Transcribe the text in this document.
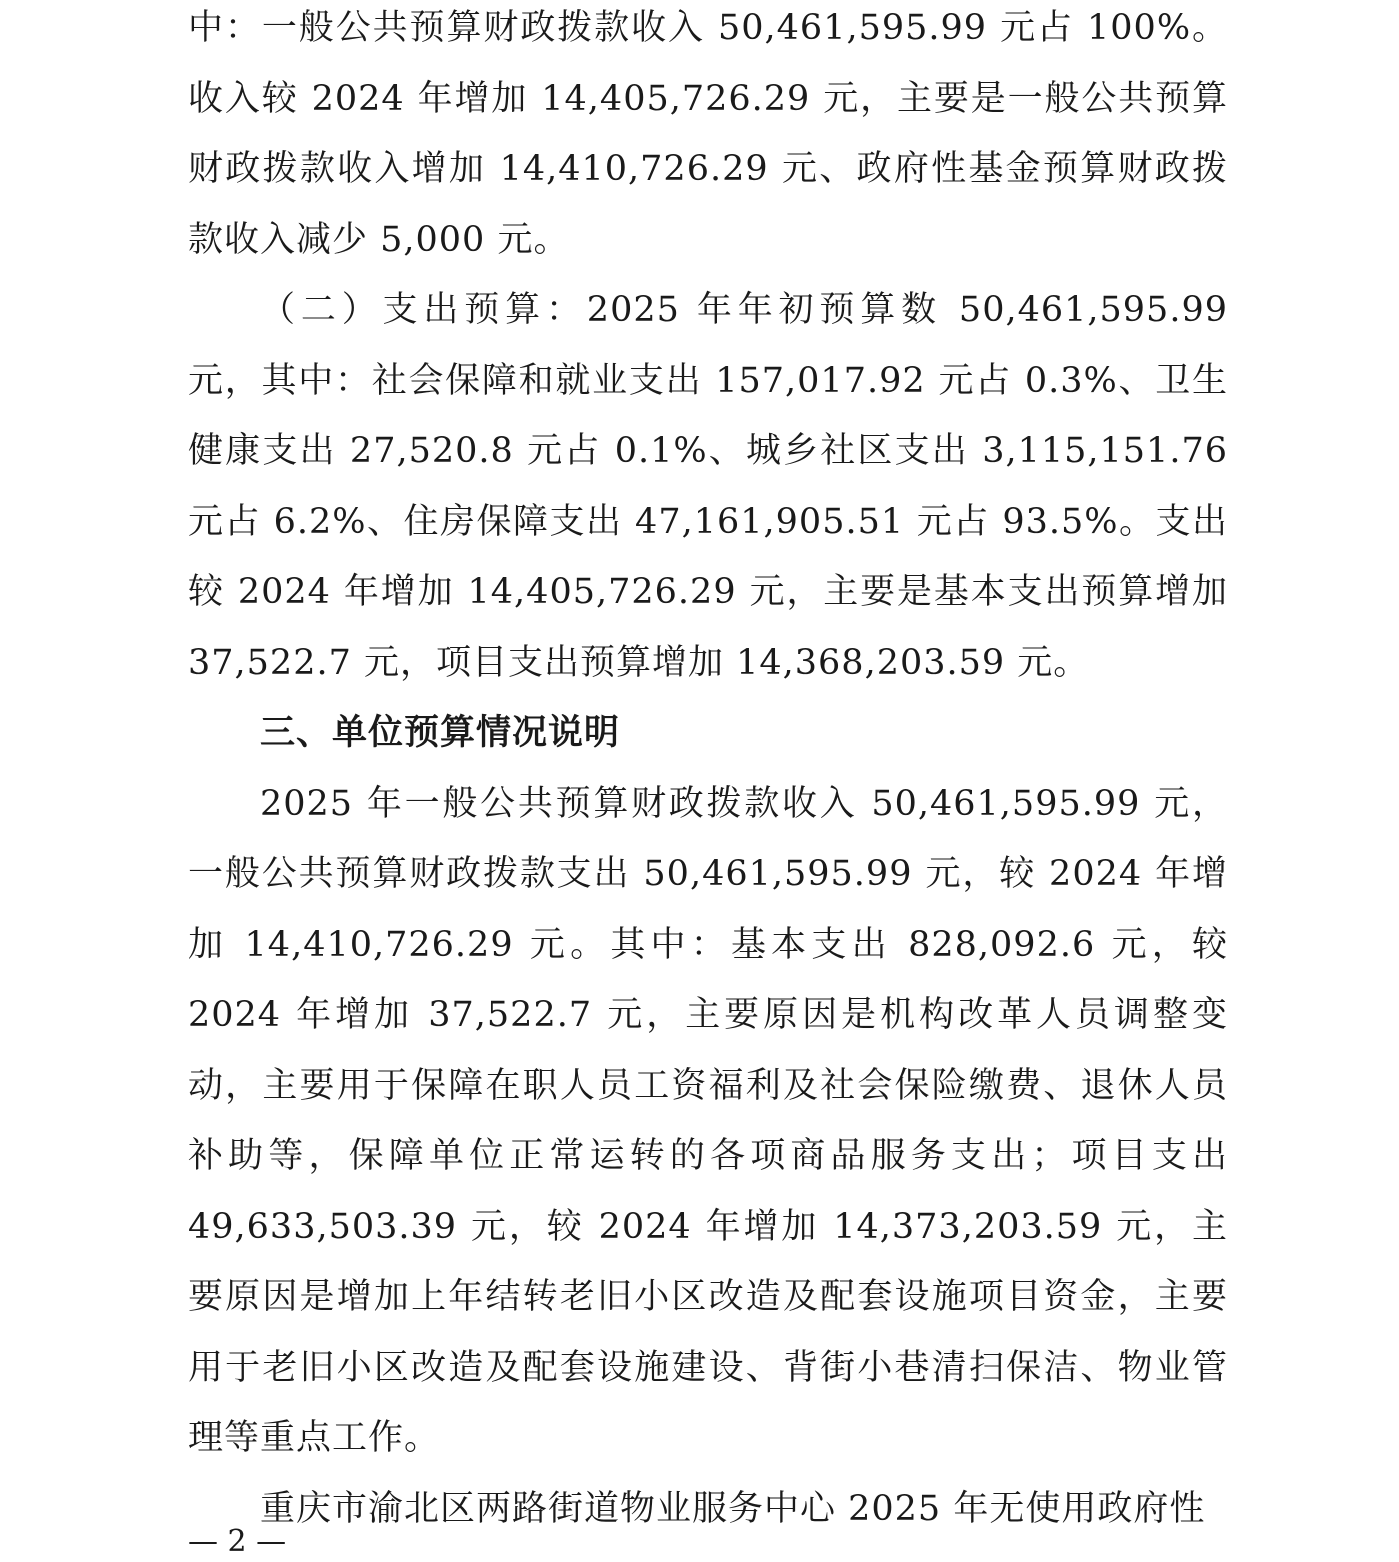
中：一般公共预算财政拨款收入 50,461,595.99 元占 100%。收入较 2024 年增加 14,405,726.29 元，主要是一般公共预算财政拨款收入增加 14,410,726.29 元、政府性基金预算财政拨款收入减少 5,000 元。

（二）支出预算：2025 年年初预算数 50,461,595.99 元，其中：社会保障和就业支出 157,017.92 元占 0.3%、卫生健康支出 27,520.8 元占 0.1%、城乡社区支出 3,115,151.76 元占 6.2%、住房保障支出 47,161,905.51 元占 93.5%。支出较 2024 年增加 14,405,726.29 元，主要是基本支出预算增加 37,522.7 元，项目支出预算增加 14,368,203.59 元。

三、单位预算情况说明

2025 年一般公共预算财政拨款收入 50,461,595.99 元，一般公共预算财政拨款支出 50,461,595.99 元，较 2024 年增加 14,410,726.29 元。其中：基本支出 828,092.6 元，较 2024 年增加 37,522.7 元，主要原因是机构改革人员调整变动，主要用于保障在职人员工资福利及社会保险缴费、退休人员补助等，保障单位正常运转的各项商品服务支出；项目支出 49,633,503.39 元，较 2024 年增加 14,373,203.59 元，主要原因是增加上年结转老旧小区改造及配套设施项目资金，主要用于老旧小区改造及配套设施建设、背街小巷清扫保洁、物业管理等重点工作。

重庆市渝北区两路街道物业服务中心 2025 年无使用政府性

— 2 —
